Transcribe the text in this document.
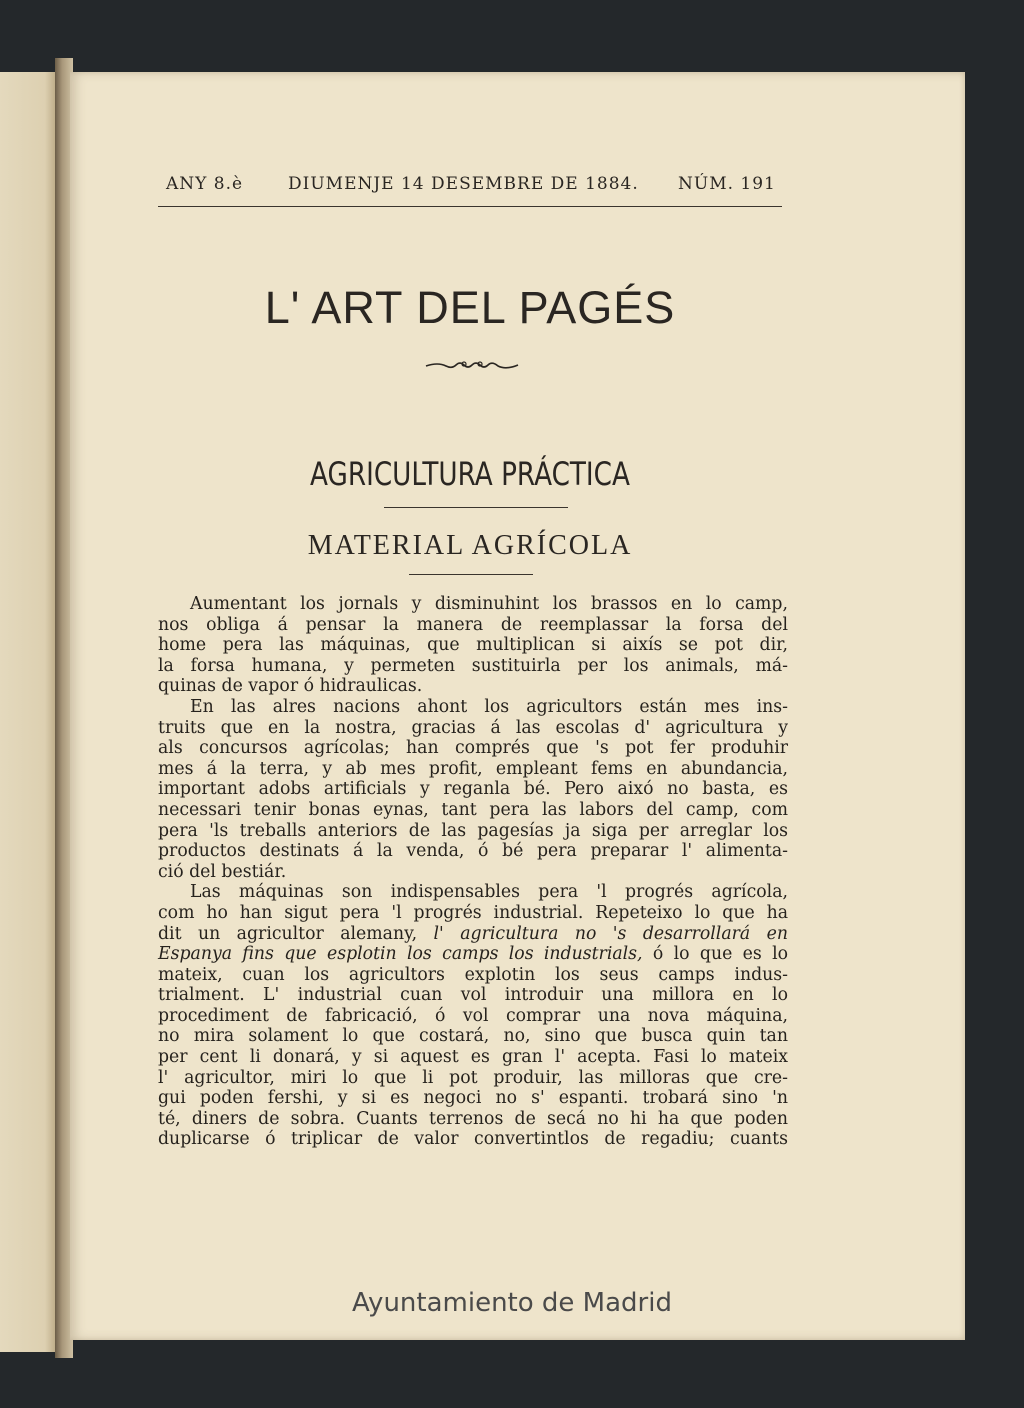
ANY 8.è	DIUMENJE 14 DESEMBRE DE 1884. NÚM. 191
L' ART DEL PAGÉS
AGRICULTURA PRÁCTICA
MATERIAL AGRÍCOLA
Aumentant los jornals y disminuhint los brassos en lo camp,
nos obliga á pensar la manera de reemplassar la forsa del
home pera las máquinas, que multiplican si aixís se pot dir,
la forsa humana, y permeten sustituirla per los animals, má-
quinas de vapor ó hidraulicas.
En las alres nacions ahont los agricultors están mes ins-
truits que en la nostra, gracias á las escolas d' agricultura y
als concursos agrícolas; han comprés que 's pot fer produhir
mes á la terra, y ab mes profit, empleant fems en abundancia,
important adobs artificials y reganla bé. Pero aixó no basta, es
necessari tenir bonas eynas, tant pera las labors del camp, com
pera 'ls treballs anteriors de las pagesías ja siga per arreglar los
productos destinats á la venda, ó bé pera preparar l' alimenta-
ció del bestiár.
Las máquinas son indispensables pera 'l progrés agrícola,
com ho han sigut pera 'l progrés industrial. Repeteixo lo que ha
dit un agricultor alemany, l' agricultura no 's desarrollará en
Espanya fins que esplotin los camps los industrials, ó lo que es lo
mateix, cuan los agricultors explotin los seus camps indus-
trialment. L' industrial cuan vol introduir una millora en lo
procediment de fabricació, ó vol comprar una nova máquina,
no mira solament lo que costará, no, sino que busca quin tan
per cent li donará, y si aquest es gran l' acepta. Fasi lo mateix
l' agricultor, miri lo que li pot produir, las milloras que cre-
gui poden fershi, y si es negoci no s' espanti. trobará sino 'n
té, diners de sobra. Cuants terrenos de secá no hi ha que poden
duplicarse ó triplicar de valor convertintlos de regadiu; cuants
Ayuntamiento de Madrid
